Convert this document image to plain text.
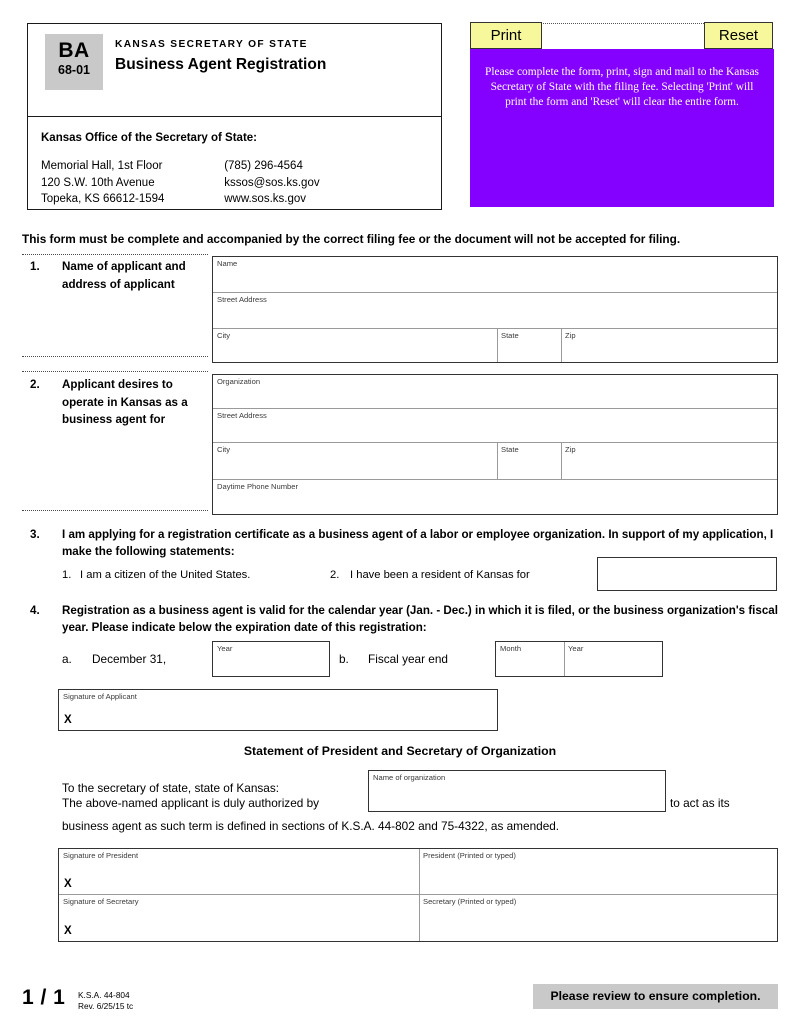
BA
68-01
KANSAS SECRETARY OF STATE
Business Agent Registration
Kansas Office of the Secretary of State:
Memorial Hall, 1st Floor
120 S.W. 10th Avenue
Topeka, KS 66612-1594

(785) 296-4564
kssos@sos.ks.gov
www.sos.ks.gov
Print	Reset
Please complete the form, print, sign and mail to the Kansas Secretary of State with the filing fee. Selecting 'Print' will print the form and 'Reset' will clear the entire form.
This form must be complete and accompanied by the correct filing fee or the document will not be accepted for filing.
1. Name of applicant and address of applicant
Name
Street Address
City	State	Zip
2. Applicant desires to operate in Kansas as a business agent for
Organization
Street Address
City	State	Zip
Daytime Phone Number
3. I am applying for a registration certificate as a business agent of a labor or employee organization. In support of my application, I make the following statements:
1. I am a citizen of the United States.	2. I have been a resident of Kansas for
4. Registration as a business agent is valid for the calendar year (Jan. - Dec.) in which it is filed, or the business organization's fiscal year. Please indicate below the expiration date of this registration:
a. December 31,
Year
b. Fiscal year end
Month	Year
Signature of Applicant
X
Statement of President and Secretary of Organization
To the secretary of state, state of Kansas:
The above-named applicant is duly authorized by	to act as its
business agent as such term is defined in sections of K.S.A. 44-802 and 75-4322, as amended.
Name of organization
Signature of President
X
President (Printed or typed)
Signature of Secretary
X
Secretary (Printed or typed)
1 / 1 K.S.A. 44-804
Rev. 6/25/15 tc
Please review to ensure completion.
